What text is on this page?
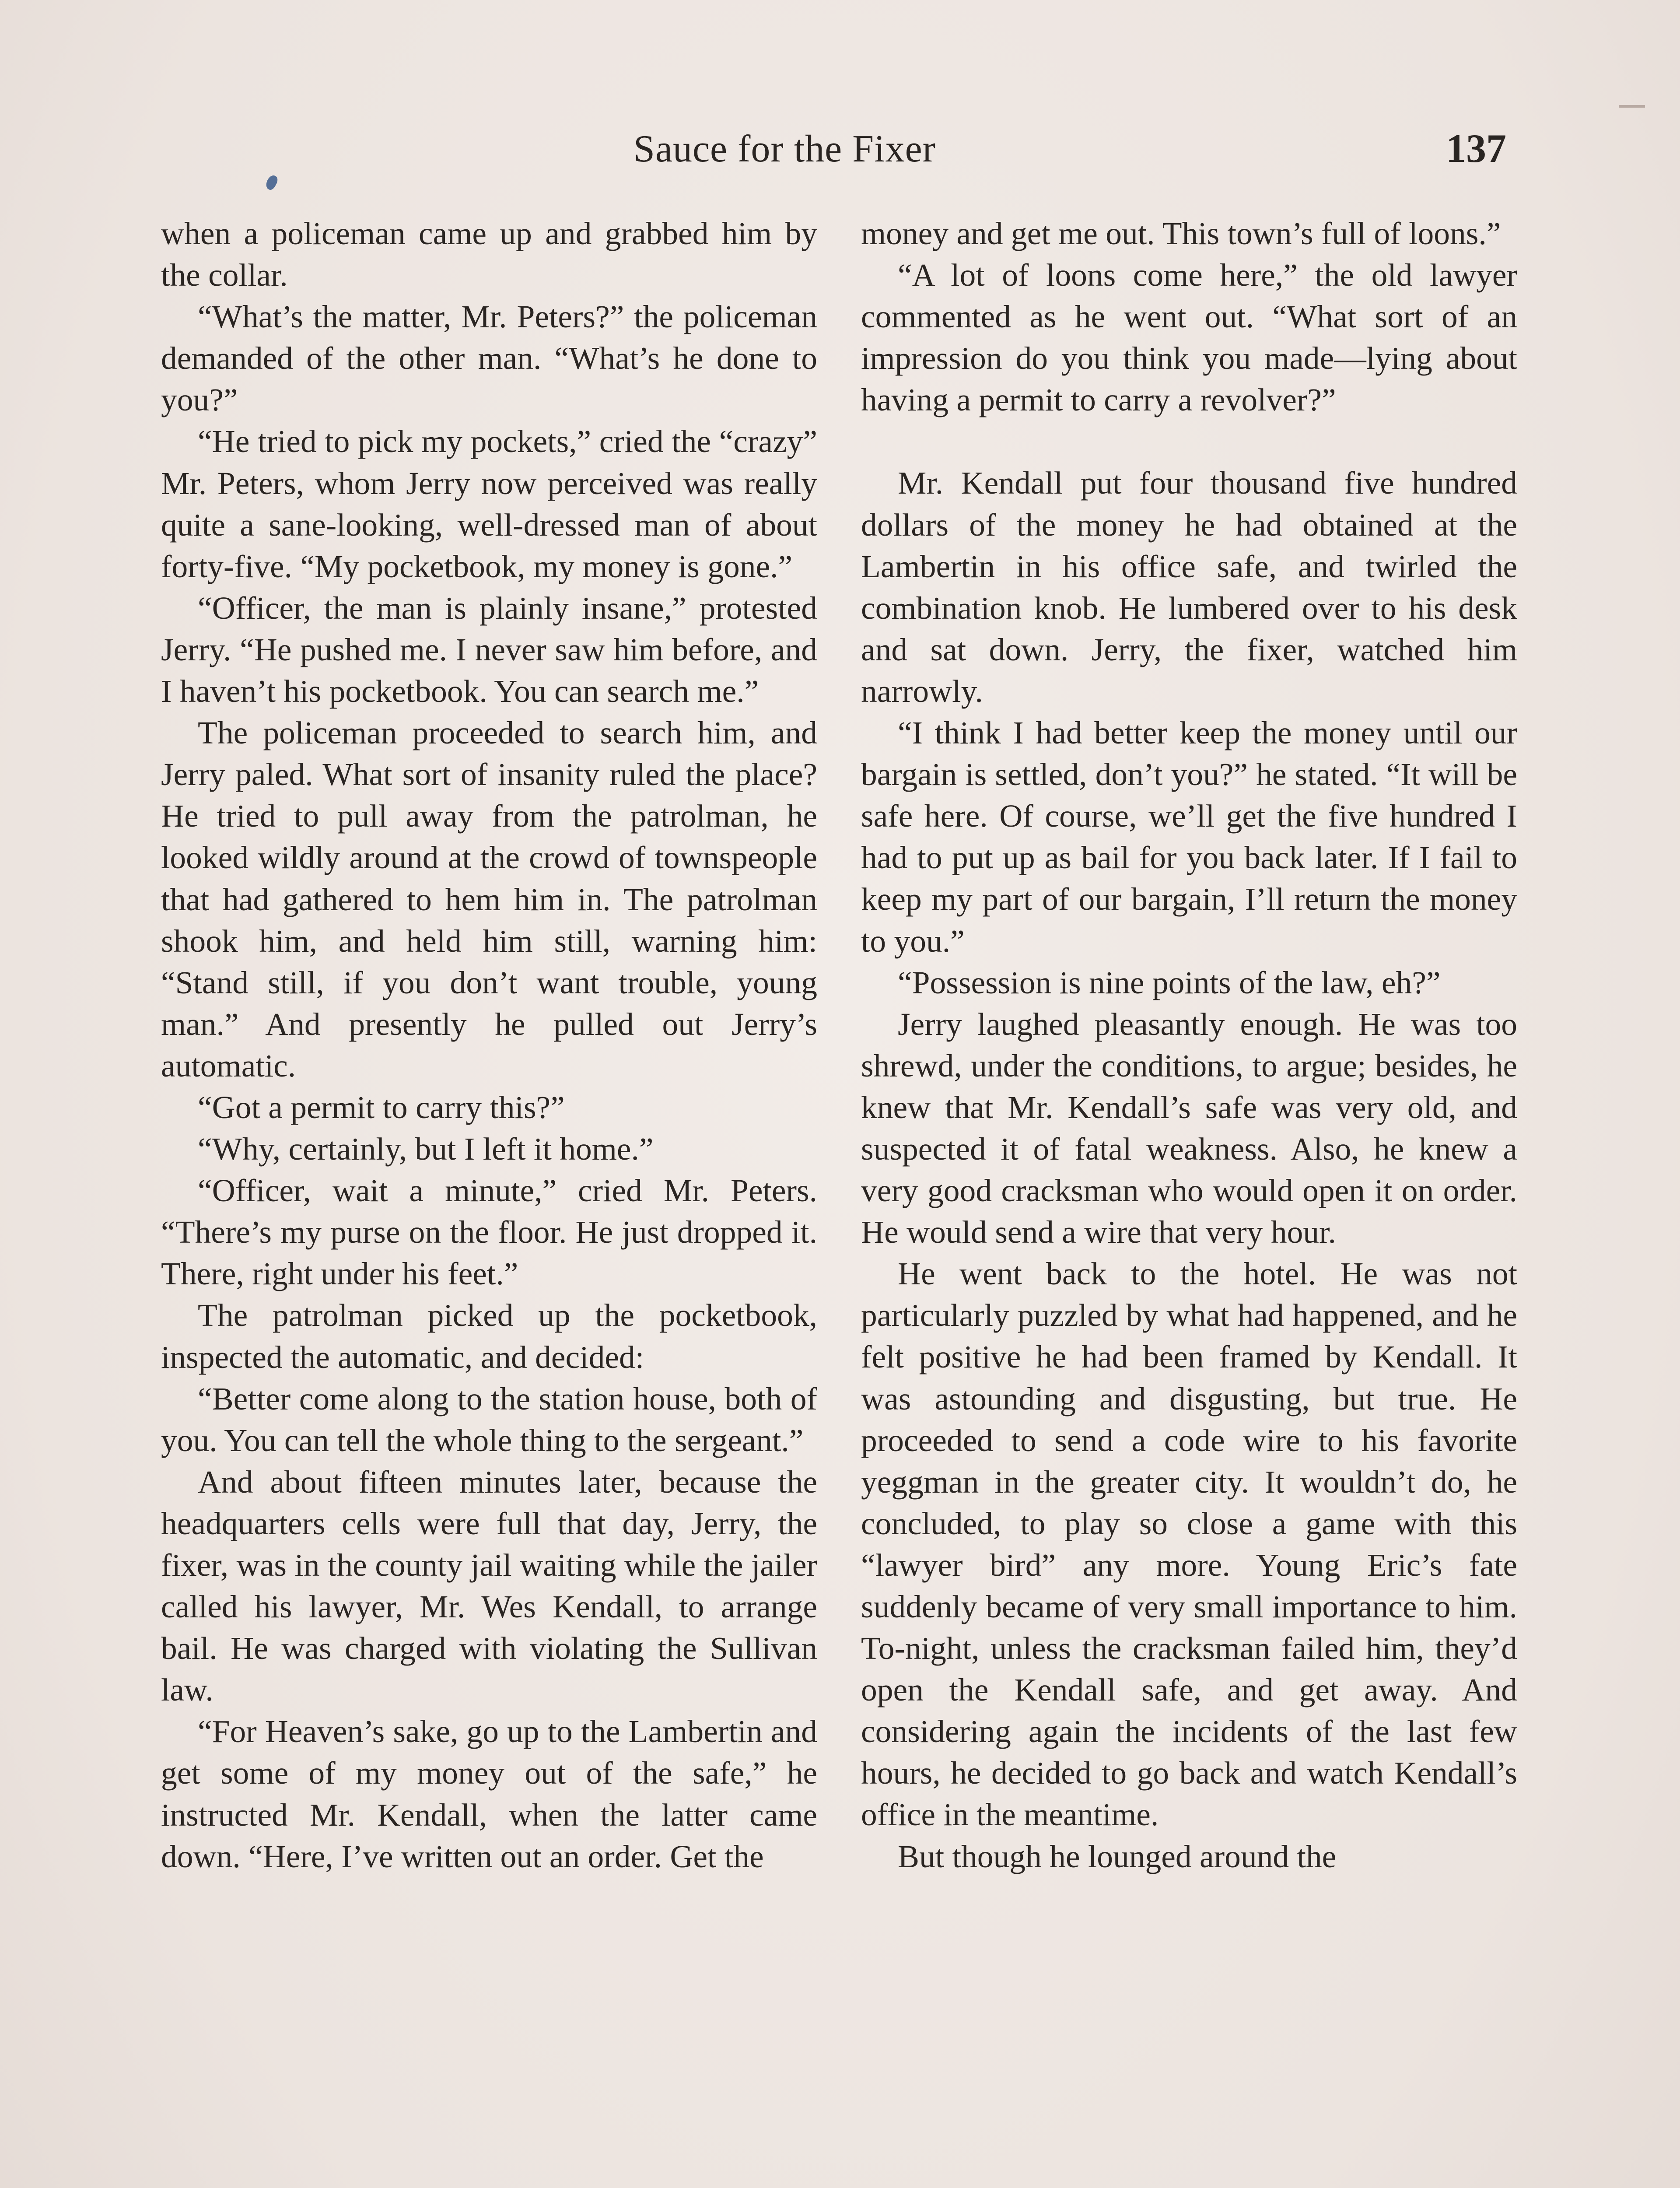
Sauce for the Fixer	137

when a policeman came up and grabbed him by the collar.

“What’s the matter, Mr. Peters?” the policeman demanded of the other man. “What’s he done to you?”

“He tried to pick my pockets,” cried the “crazy” Mr. Peters, whom Jerry now perceived was really quite a sane-looking, well-dressed man of about forty-five. “My pocketbook, my money is gone.”

“Officer, the man is plainly insane,” protested Jerry. “He pushed me. I never saw him before, and I haven’t his pocketbook. You can search me.”

The policeman proceeded to search him, and Jerry paled. What sort of insanity ruled the place? He tried to pull away from the patrolman, he looked wildly around at the crowd of townspeople that had gathered to hem him in. The patrolman shook him, and held him still, warning him: “Stand still, if you don’t want trouble, young man.” And presently he pulled out Jerry’s automatic.

“Got a permit to carry this?”

“Why, certainly, but I left it home.”

“Officer, wait a minute,” cried Mr. Peters. “There’s my purse on the floor. He just dropped it. There, right under his feet.”

The patrolman picked up the pocketbook, inspected the automatic, and decided:

“Better come along to the station house, both of you. You can tell the whole thing to the sergeant.”

And about fifteen minutes later, because the headquarters cells were full that day, Jerry, the fixer, was in the county jail waiting while the jailer called his lawyer, Mr. Wes Kendall, to arrange bail. He was charged with violating the Sullivan law.

“For Heaven’s sake, go up to the Lambertin and get some of my money out of the safe,” he instructed Mr. Kendall, when the latter came down. “Here, I’ve written out an order. Get the

money and get me out. This town’s full of loons.”

“A lot of loons come here,” the old lawyer commented as he went out. “What sort of an impression do you think you made—lying about having a permit to carry a revolver?”

Mr. Kendall put four thousand five hundred dollars of the money he had obtained at the Lambertin in his office safe, and twirled the combination knob. He lumbered over to his desk and sat down. Jerry, the fixer, watched him narrowly.

“I think I had better keep the money until our bargain is settled, don’t you?” he stated. “It will be safe here. Of course, we’ll get the five hundred I had to put up as bail for you back later. If I fail to keep my part of our bargain, I’ll return the money to you.”

“Possession is nine points of the law, eh?”

Jerry laughed pleasantly enough. He was too shrewd, under the conditions, to argue; besides, he knew that Mr. Kendall’s safe was very old, and suspected it of fatal weakness. Also, he knew a very good cracksman who would open it on order. He would send a wire that very hour.

He went back to the hotel. He was not particularly puzzled by what had happened, and he felt positive he had been framed by Kendall. It was astounding and disgusting, but true. He proceeded to send a code wire to his favorite yeggman in the greater city. It wouldn’t do, he concluded, to play so close a game with this “lawyer bird” any more. Young Eric’s fate suddenly became of very small importance to him. To-night, unless the cracksman failed him, they’d open the Kendall safe, and get away. And considering again the incidents of the last few hours, he decided to go back and watch Kendall’s office in the meantime.

But though he lounged around the
